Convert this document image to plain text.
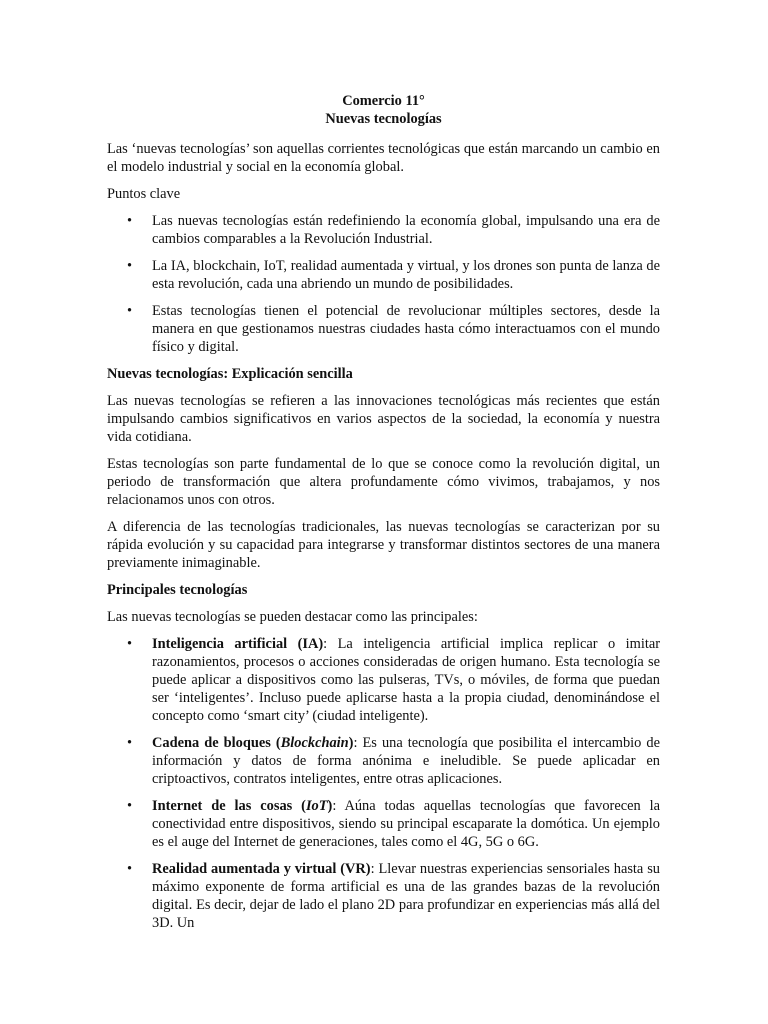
Comercio 11°
Nuevas tecnologías

Las ‘nuevas tecnologías’ son aquellas corrientes tecnológicas que están marcando un cambio en el modelo industrial y social en la economía global.

Puntos clave

• Las nuevas tecnologías están redefiniendo la economía global, impulsando una era de cambios comparables a la Revolución Industrial.
• La IA, blockchain, IoT, realidad aumentada y virtual, y los drones son punta de lanza de esta revolución, cada una abriendo un mundo de posibilidades.
• Estas tecnologías tienen el potencial de revolucionar múltiples sectores, desde la manera en que gestionamos nuestras ciudades hasta cómo interactuamos con el mundo físico y digital.
Nuevas tecnologías: Explicación sencilla

Las nuevas tecnologías se refieren a las innovaciones tecnológicas más recientes que están impulsando cambios significativos en varios aspectos de la sociedad, la economía y nuestra vida cotidiana.

Estas tecnologías son parte fundamental de lo que se conoce como la revolución digital, un periodo de transformación que altera profundamente cómo vivimos, trabajamos, y nos relacionamos unos con otros.

A diferencia de las tecnologías tradicionales, las nuevas tecnologías se caracterizan por su rápida evolución y su capacidad para integrarse y transformar distintos sectores de una manera previamente inimaginable.

Principales tecnologías

Las nuevas tecnologías se pueden destacar como las principales:

• Inteligencia artificial (IA): La inteligencia artificial implica replicar o imitar razonamientos, procesos o acciones consideradas de origen humano. Esta tecnología se puede aplicar a dispositivos como las pulseras, TVs, o móviles, de forma que puedan ser ‘inteligentes’. Incluso puede aplicarse hasta a la propia ciudad, denominándose el concepto como ‘smart city’ (ciudad inteligente).
• Cadena de bloques (Blockchain): Es una tecnología que posibilita el intercambio de información y datos de forma anónima e ineludible. Se puede aplicadar en criptoactivos, contratos inteligentes, entre otras aplicaciones.
• Internet de las cosas (IoT): Aúna todas aquellas tecnologías que favorecen la conectividad entre dispositivos, siendo su principal escaparate la domótica. Un ejemplo es el auge del Internet de generaciones, tales como el 4G, 5G o 6G.
• Realidad aumentada y virtual (VR): Llevar nuestras experiencias sensoriales hasta su máximo exponente de forma artificial es una de las grandes bazas de la revolución digital. Es decir, dejar de lado el plano 2D para profundizar en experiencias más allá del 3D. Un
